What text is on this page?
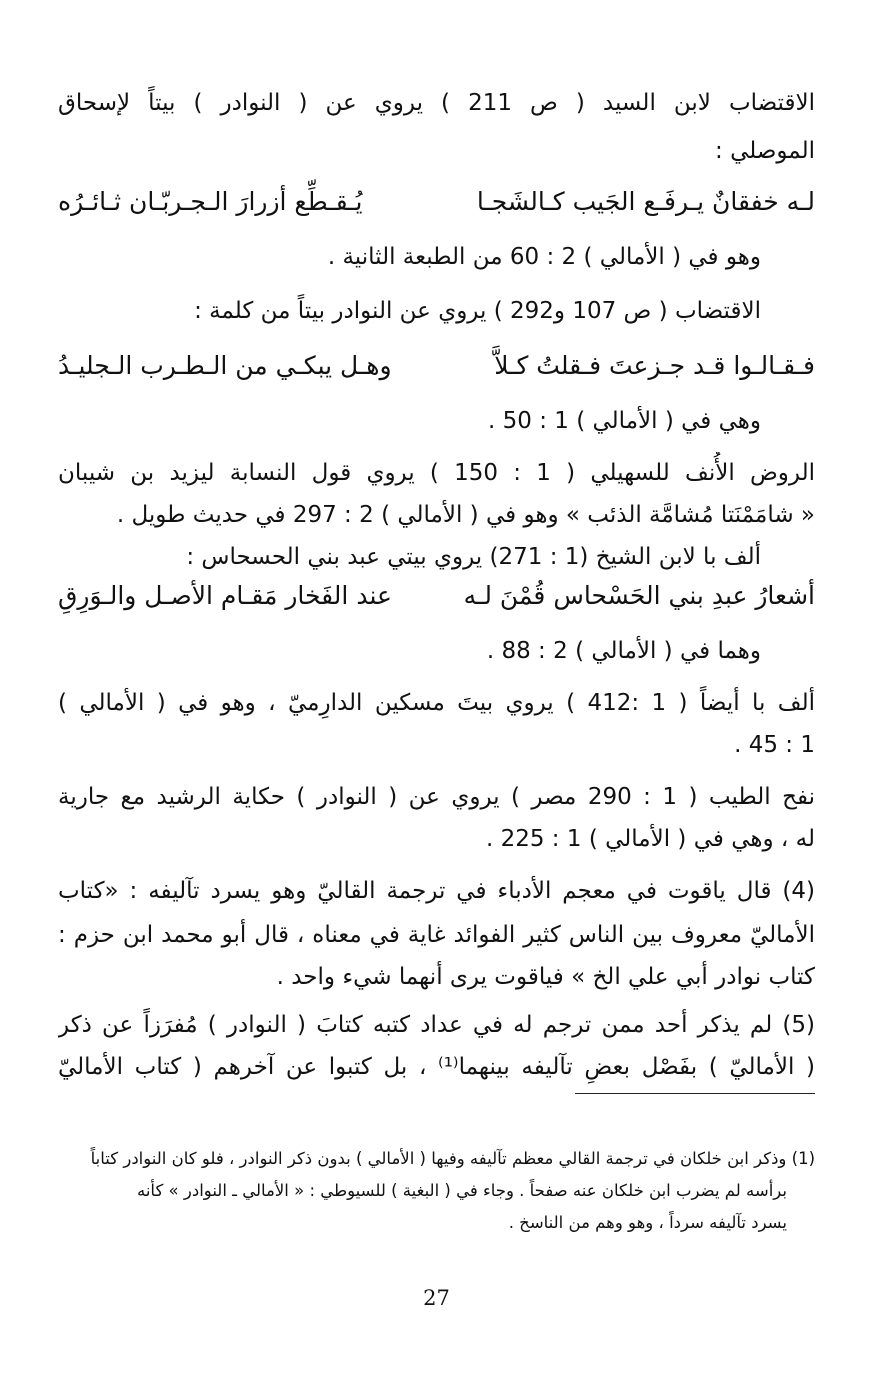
الاقتضاب لابن السيد ( ص 211 ) يروي عن ( النوادر ) بيتاً لإسحاق
الموصلي :
لـه خفقانٌ يـرفَـع الجَيب كـالشَجـا
يُـقـطِّع أزرارَ الـجـربّـان ثـائـرُه
وهو في ( الأمالي ) 2 : 60 من الطبعة الثانية .
الاقتضاب ( ص 107 و292 ) يروي عن النوادر بيتاً من كلمة :
فـقـالـوا قـد جـزعتَ فـقلتُ كـلاَّ
وهـل يبكـي من الـطـرب الـجليـدُ
وهي في ( الأمالي ) 1 : 50 .
الروض الأُنف للسهيلي ( 1 : 150 ) يروي قول النسابة ليزيد بن شيبان
« شامَمْنَتا مُشامَّة الذئب » وهو في ( الأمالي ) 2 : 297 في حديث طويل .
ألف با لابن الشيخ (1 : 271) يروي بيتي عبد بني الحسحاس :
أشعارُ عبدِ بني الحَسْحاس قُمْنَ لـه
عند الفَخار مَقـام الأصـل والـوَرِقِ
وهما في ( الأمالي ) 2 : 88 .
ألف با أيضاً ( 1 :412 ) يروي بيتَ مسكين الدارِميّ ، وهو في ( الأمالي )
1 : 45 .
نفح الطيب ( 1 : 290 مصر ) يروي عن ( النوادر ) حكاية الرشيد مع جارية
له ، وهي في ( الأمالي ) 1 : 225 .
(4) قال ياقوت في معجم الأدباء في ترجمة القاليّ وهو يسرد تآليفه : «كتاب
الأماليّ معروف بين الناس كثير الفوائد غاية في معناه ، قال أبو محمد ابن حزم :
كتاب نوادر أبي علي الخ » فياقوت يرى أنهما شيء واحد .
(5) لم يذكر أحد ممن ترجم له في عداد كتبه كتابَ ( النوادر ) مُفرَزاً عن ذكر
( الأماليّ ) بفَصْل بعضِ تآليفه بينهما⁽¹⁾ ، بل كتبوا عن آخرهم ( كتاب الأماليّ
(1) وذكر ابن خلكان في ترجمة القالي معظم تآليفه وفيها ( الأمالي ) بدون ذكر النوادر ، فلو كان النوادر كتاباً
برأسه لم يضرب ابن خلكان عنه صفحاً . وجاء في ( البغية ) للسيوطي : « الأمالي ـ النوادر » كأنه
يسرد تآليفه سرداً ، وهو وهم من الناسخ .
27
